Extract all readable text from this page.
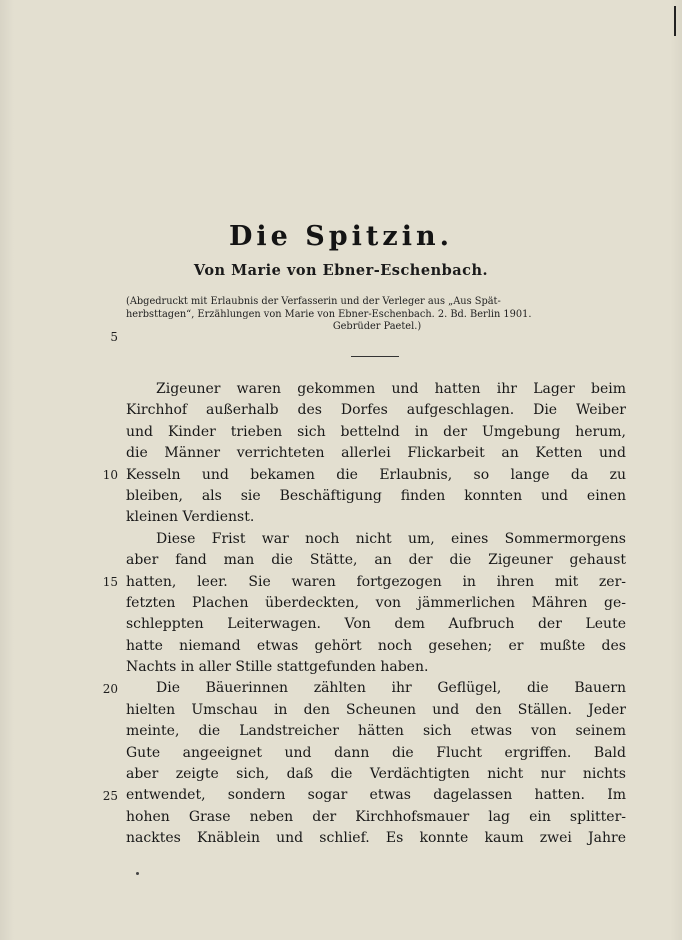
Die Spitzin.
Von Marie von Ebner-Eschenbach.
(Abgedruckt mit Erlaubnis der Verfasserin und der Verleger aus „Aus Spät-
herbsttagen“, Erzählungen von Marie von Ebner-Eschenbach. 2. Bd. Berlin 1901.
Gebrüder Paetel.)
5
Zigeuner waren gekommen und hatten ihr Lager beim
Kirchhof außerhalb des Dorfes aufgeschlagen. Die Weiber
und Kinder trieben sich bettelnd in der Umgebung herum,
die Männer verrichteten allerlei Flickarbeit an Ketten und
Kesseln und bekamen die Erlaubnis, so lange da zu
bleiben, als sie Beschäftigung finden konnten und einen
kleinen Verdienst.
Diese Frist war noch nicht um, eines Sommermorgens
aber fand man die Stätte, an der die Zigeuner gehaust
hatten, leer. Sie waren fortgezogen in ihren mit zer-
fetzten Plachen überdeckten, von jämmerlichen Mähren ge-
schleppten Leiterwagen. Von dem Aufbruch der Leute
hatte niemand etwas gehört noch gesehen; er mußte des
Nachts in aller Stille stattgefunden haben.
Die Bäuerinnen zählten ihr Geflügel, die Bauern
hielten Umschau in den Scheunen und den Ställen. Jeder
meinte, die Landstreicher hätten sich etwas von seinem
Gute angeeignet und dann die Flucht ergriffen. Bald
aber zeigte sich, daß die Verdächtigten nicht nur nichts
entwendet, sondern sogar etwas dagelassen hatten. Im
hohen Grase neben der Kirchhofsmauer lag ein splitter-
nacktes Knäblein und schlief. Es konnte kaum zwei Jahre
10
15
20
25
